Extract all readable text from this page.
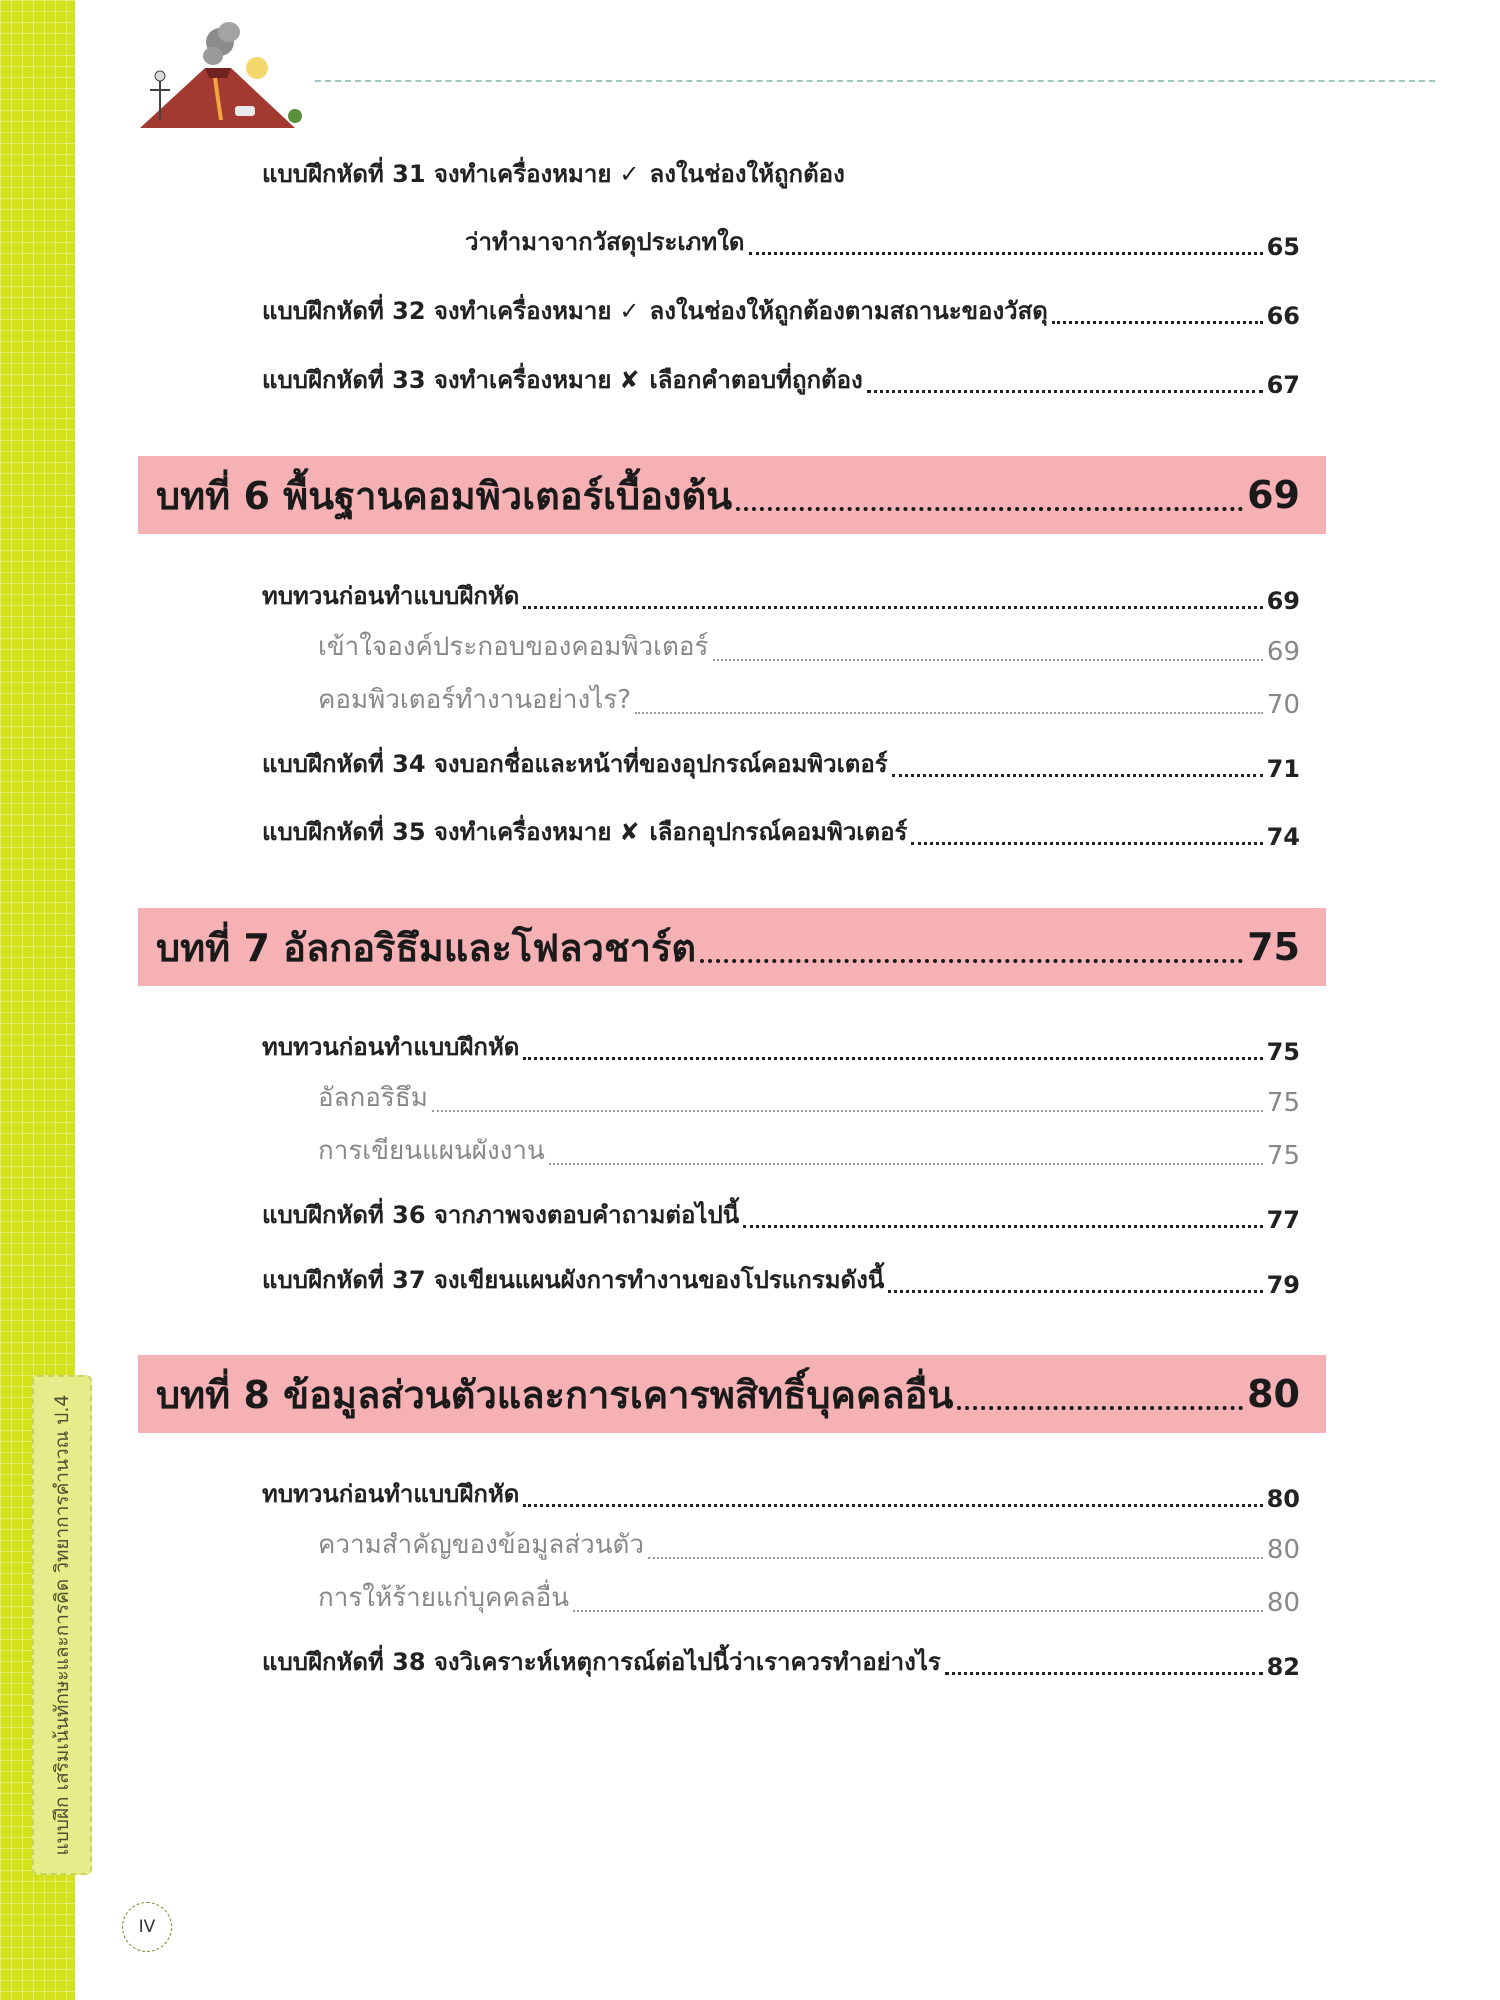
แบบฝึก เสริมเน้นทักษะและการคิด วิทยาการคำนวณ ป.4
แบบฝึกหัดที่ 31 จงทำเครื่องหมาย ✓ ลงในช่องให้ถูกต้อง
ว่าทำมาจากวัสดุประเภทใด	65
แบบฝึกหัดที่ 32 จงทำเครื่องหมาย ✓ ลงในช่องให้ถูกต้องตามสถานะของวัสดุ	66
แบบฝึกหัดที่ 33 จงทำเครื่องหมาย ✘ เลือกคำตอบที่ถูกต้อง	67
บทที่ 6 พื้นฐานคอมพิวเตอร์เบื้องต้น	69
ทบทวนก่อนทำแบบฝึกหัด	69
เข้าใจองค์ประกอบของคอมพิวเตอร์	69
คอมพิวเตอร์ทำงานอย่างไร?	70
แบบฝึกหัดที่ 34 จงบอกชื่อและหน้าที่ของอุปกรณ์คอมพิวเตอร์	71
แบบฝึกหัดที่ 35 จงทำเครื่องหมาย ✘ เลือกอุปกรณ์คอมพิวเตอร์	74
บทที่ 7 อัลกอริธึมและโฟลวชาร์ต	75
ทบทวนก่อนทำแบบฝึกหัด	75
อัลกอริธึม	75
การเขียนแผนผังงาน	75
แบบฝึกหัดที่ 36 จากภาพจงตอบคำถามต่อไปนี้	77
แบบฝึกหัดที่ 37 จงเขียนแผนผังการทำงานของโปรแกรมดังนี้	79
บทที่ 8 ข้อมูลส่วนตัวและการเคารพสิทธิ์บุคคลอื่น	80
ทบทวนก่อนทำแบบฝึกหัด	80
ความสำคัญของข้อมูลส่วนตัว	80
การให้ร้ายแก่บุคคลอื่น	80
แบบฝึกหัดที่ 38 จงวิเคราะห์เหตุการณ์ต่อไปนี้ว่าเราควรทำอย่างไร	82
IV
